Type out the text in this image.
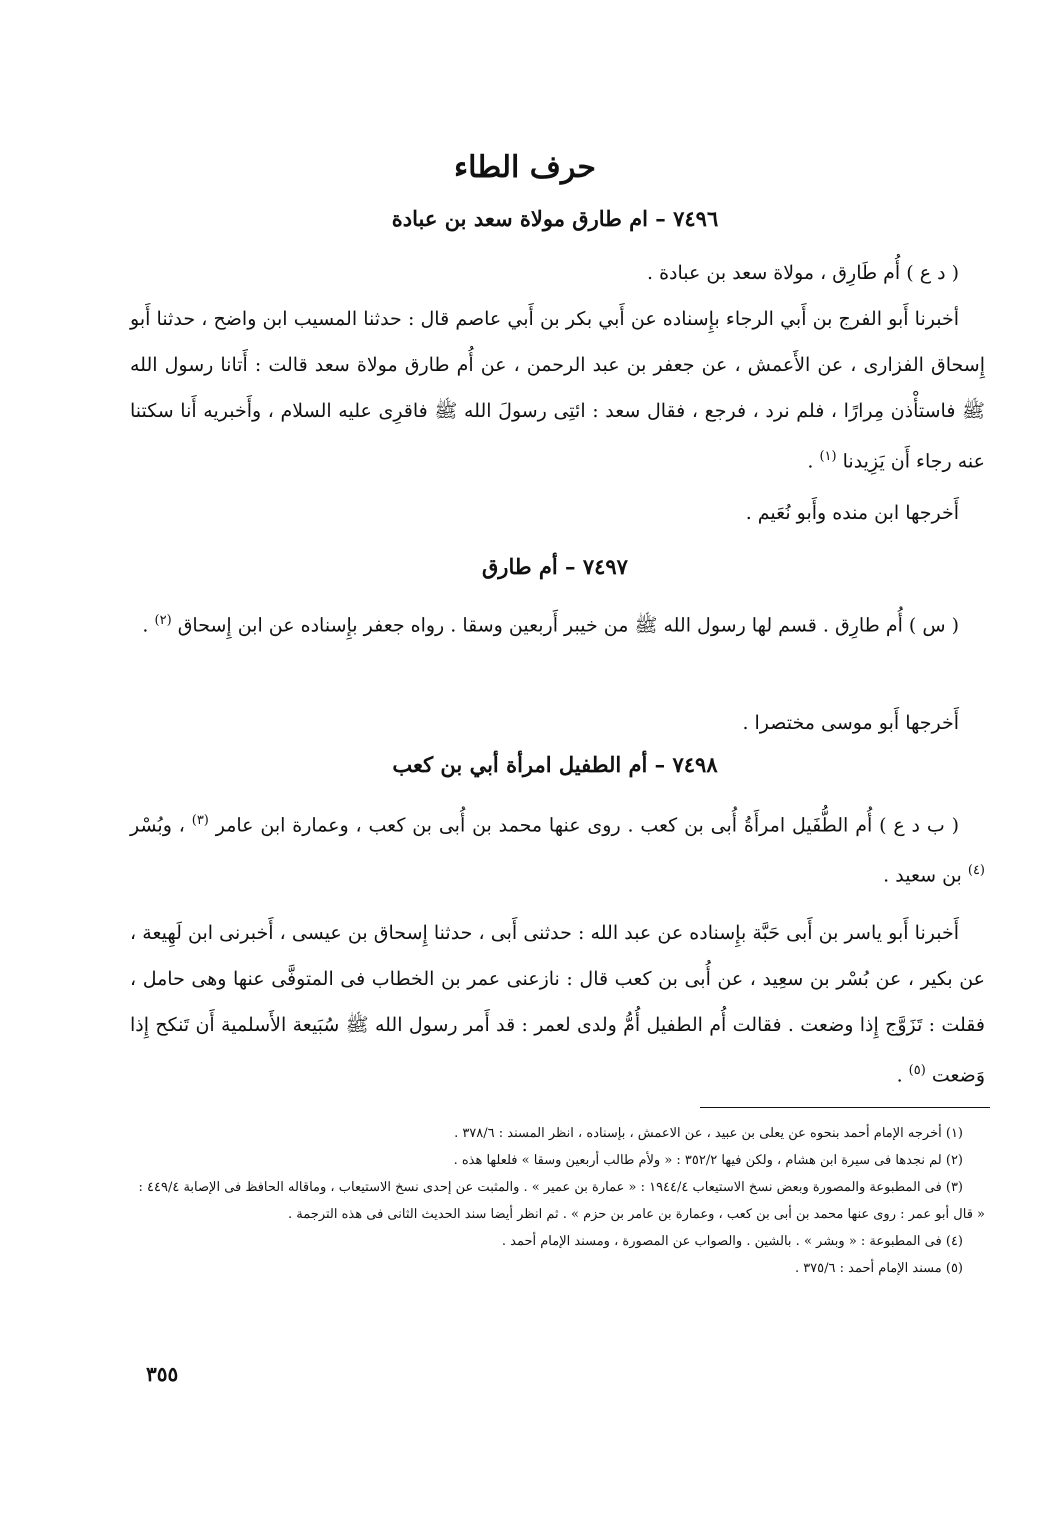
حرف الطاء
٧٤٩٦ – ام طارق مولاة سعد بن عبادة

( د ع ) أُم طَارِق ، مولاة سعد بن عبادة .

أخبرنا أَبو الفرج بن أَبي الرجاء بإِسناده عن أَبي بكر بن أَبي عاصم قال : حدثنا المسيب ابن واضح ، حدثنا أَبو إِسحاق الفزارى ، عن الأَعمش ، عن جعفر بن عبد الرحمن ، عن أُم طارق مولاة سعد قالت : أَتانا رسول الله ﷺ فاستأْذن مِرارًا ، فلم نرد ، فرجع ، فقال سعد : ائتِى رسولَ الله ﷺ فاقرِى عليه السلام ، وأَخبريه أَنا سكتنا عنه رجاء أَن يَزِيدنا $^{(١)}$ .

أَخرجها ابن منده وأَبو نُعَيم .

٧٤٩٧ – أم طارق

( س ) أُم طارِق . قسم لها رسول الله ﷺ من خيبر أَربعين وسقا . رواه جعفر بإِسناده عن ابن إِسحاق $^{(٢)}$ .

أَخرجها أَبو موسى مختصرا .

٧٤٩٨ – أم الطفيل امرأة أبي بن كعب

( ب د ع ) أُم الطُّفَيل امرأَةُ أُبى بن كعب . روى عنها محمد بن أُبى بن كعب ، وعمارة ابن عامر $^{(٣)}$ ، وبُسْر $^{(٤)}$ بن سعيد .

أَخبرنا أَبو ياسر بن أَبى حَبَّة بإِسناده عن عبد الله : حدثنى أَبى ، حدثنا إِسحاق بن عيسى ، أَخبرنى ابن لَهِيعة ، عن بكير ، عن بُسْر بن سعِيد ، عن أُبى بن كعب قال : نازعنى عمر بن الخطاب فى المتوفَّى عنها وهى حامل ، فقلت : تَزَوَّج إِذا وضعت . فقالت أُم الطفيل أُمُّ ولدى لعمر : قد أَمر رسول الله ﷺ سُبَيعة الأَسلمية أَن تَنكح إِذا وَضعت $^{(٥)}$ .

(١) أخرجه الإمام أحمد بنحوه عن يعلى بن عبيد ، عن الاعمش ، بإسناده ، انظر المسند : ٣٧٨/٦ .
(٢) لم نجدها فى سيرة ابن هشام ، ولكن فيها ٣٥٢/٢ : « ولأم طالب أربعين وسقا » فلعلها هذه .
(٣) فى المطبوعة والمصورة وبعض نسخ الاستيعاب ١٩٤٤/٤ : « عمارة بن عمير » . والمثبت عن إحدى نسخ الاستيعاب ، وماقاله الحافظ فى الإصابة ٤٤٩/٤ : « قال أبو عمر : روى عنها محمد بن أبى بن كعب ، وعمارة بن عامر بن حزم » . ثم انظر أيضا سند الحديث الثانى فى هذه الترجمة .
(٤) فى المطبوعة : « وبشر » . بالشين . والصواب عن المصورة ، ومسند الإمام أحمد .
(٥) مسند الإمام أحمد : ٣٧٥/٦ .
٣٥٥
